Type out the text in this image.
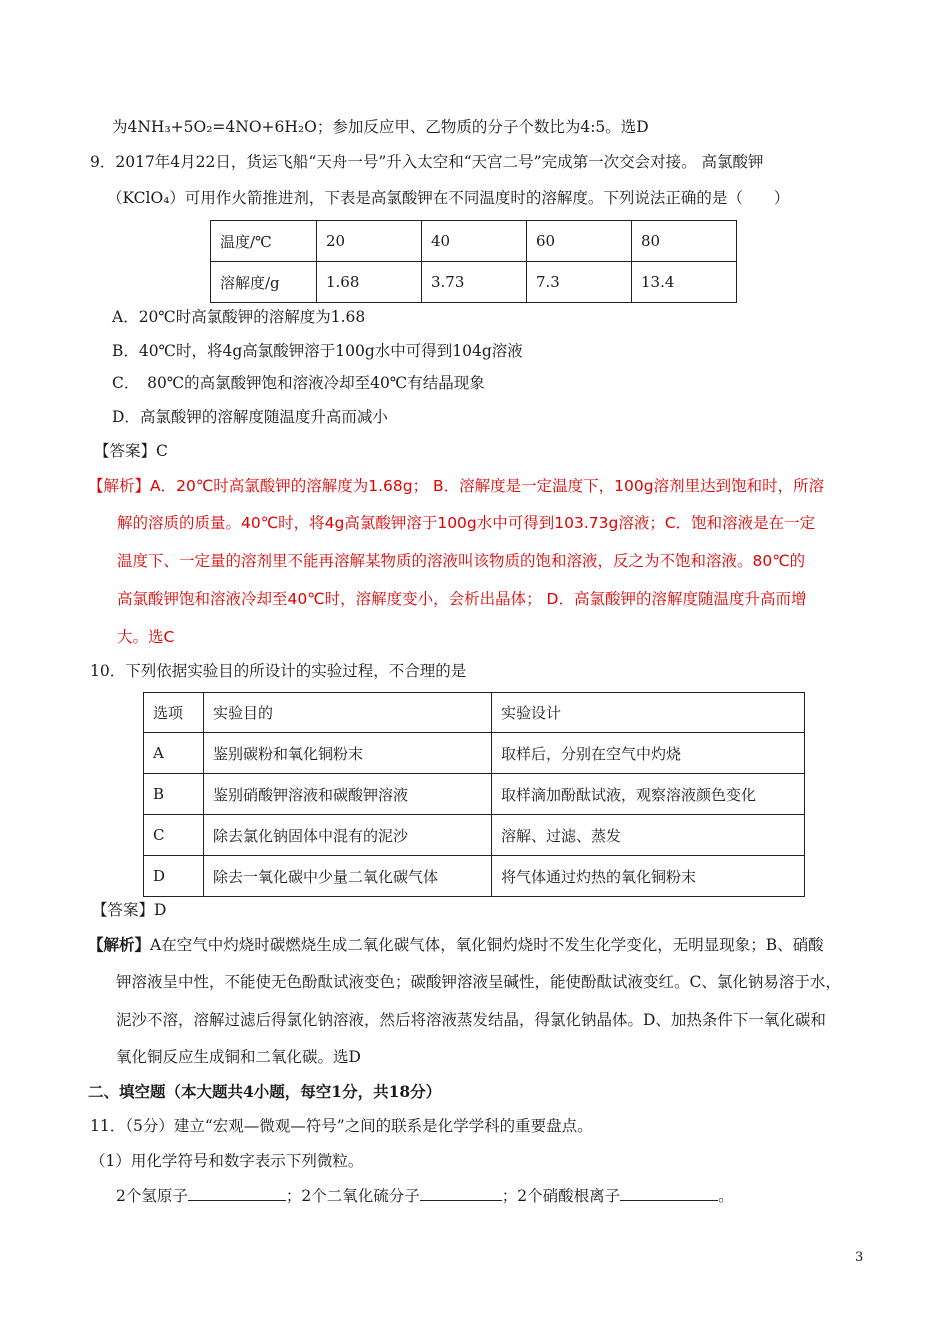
为4NH₃+5O₂=4NO+6H₂O；参加反应甲、乙物质的分子个数比为4:5。选D
9．2017年4月22日，货运飞船“天舟一号”升入太空和“天宫二号”完成第一次交会对接。 高氯酸钾
（KClO₄）可用作火箭推进剂，下表是高氯酸钾在不同温度时的溶解度。下列说法正确的是（　　）
温度/℃	20	40	60	80
溶解度/g	1.68	3.73	7.3	13.4
A．20℃时高氯酸钾的溶解度为1.68
B．40℃时，将4g高氯酸钾溶于100g水中可得到104g溶液
C．　80℃的高氯酸钾饱和溶液冷却至40℃有结晶现象
D．高氯酸钾的溶解度随温度升高而减小
【答案】C
【解析】A．20℃时高氯酸钾的溶解度为1.68g； B．溶解度是一定温度下，100g溶剂里达到饱和时，所溶
解的溶质的质量。40℃时，将4g高氯酸钾溶于100g水中可得到103.73g溶液；C．饱和溶液是在一定
温度下、一定量的溶剂里不能再溶解某物质的溶液叫该物质的饱和溶液，反之为不饱和溶液。80℃的
高氯酸钾饱和溶液冷却至40℃时，溶解度变小，会析出晶体； D．高氯酸钾的溶解度随温度升高而增
大。选C
10．下列依据实验目的所设计的实验过程，不合理的是
选项	实验目的	实验设计
A	鉴别碳粉和氧化铜粉末	取样后，分别在空气中灼烧
B	鉴别硝酸钾溶液和碳酸钾溶液	取样滴加酚酞试液，观察溶液颜色变化
C	除去氯化钠固体中混有的泥沙	溶解、过滤、蒸发
D	除去一氧化碳中少量二氧化碳气体	将气体通过灼热的氧化铜粉末
【答案】D
【解析】A在空气中灼烧时碳燃烧生成二氧化碳气体，氧化铜灼烧时不发生化学变化，无明显现象；B、硝酸
钾溶液呈中性，不能使无色酚酞试液变色；碳酸钾溶液呈碱性，能使酚酞试液变红。C、氯化钠易溶于水，
泥沙不溶，溶解过滤后得氯化钠溶液，然后将溶液蒸发结晶，得氯化钠晶体。D、加热条件下一氧化碳和
氧化铜反应生成铜和二氧化碳。选D
二、填空题（本大题共4小题，每空1分，共18分）
11．（5分）建立“宏观—微观—符号”之间的联系是化学学科的重要盘点。
（1）用化学符号和数字表示下列微粒。
2个氢原子	；2个二氧化硫分子	；2个硝酸根离子	。
3
